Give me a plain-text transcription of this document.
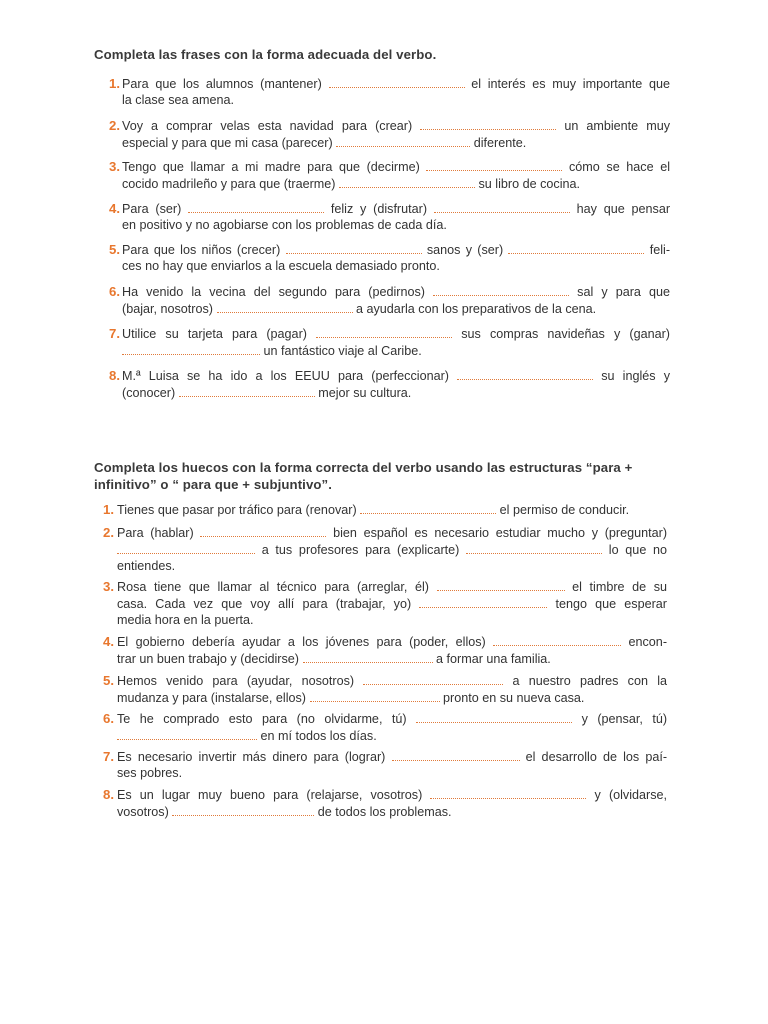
Completa las frases con la forma adecuada del verbo.
1. Para que los alumnos (mantener)	el interés es muy importante que
la clase sea amena.
2. Voy a comprar velas esta navidad para (crear)	un ambiente muy
especial y para que mi casa (parecer)	diferente.
3. Tengo que llamar a mi madre para que (decirme)	cómo se hace el
cocido madrileño y para que (traerme)	su libro de cocina.
4. Para (ser)	feliz y (disfrutar)	hay que pensar
en positivo y no agobiarse con los problemas de cada día.
5. Para que los niños (crecer)	sanos y (ser)	feli-
ces no hay que enviarlos a la escuela demasiado pronto.
6. Ha venido la vecina del segundo para (pedirnos)	sal y para que
(bajar, nosotros)	a ayudarla con los preparativos de la cena.
7. Utilice su tarjeta para (pagar)	sus compras navideñas y (ganar)
un fantástico viaje al Caribe.
8. M.ª Luisa se ha ido a los EEUU para (perfeccionar)	su inglés y
(conocer)	mejor su cultura.
Completa los huecos con la forma correcta del verbo usando las estructuras “para + infinitivo” o “ para que + subjuntivo”.
1. Tienes que pasar por tráfico para (renovar)	el permiso de conducir.
2. Para (hablar)	bien español es necesario estudiar mucho y (preguntar)
a tus profesores para (explicarte)	lo que no
entiendes.
3. Rosa tiene que llamar al técnico para (arreglar, él)	el timbre de su
casa. Cada vez que voy allí para (trabajar, yo)	tengo que esperar
media hora en la puerta.
4. El gobierno debería ayudar a los jóvenes para (poder, ellos)	encon-
trar un buen trabajo y (decidirse)	a formar una familia.
5. Hemos venido para (ayudar, nosotros)	a nuestro padres con la
mudanza y para (instalarse, ellos)	pronto en su nueva casa.
6. Te he comprado esto para (no olvidarme, tú)	y (pensar, tú)
en mí todos los días.
7. Es necesario invertir más dinero para (lograr)	el desarrollo de los paí-
ses pobres.
8. Es un lugar muy bueno para (relajarse, vosotros)	y (olvidarse,
vosotros)	de todos los problemas.
